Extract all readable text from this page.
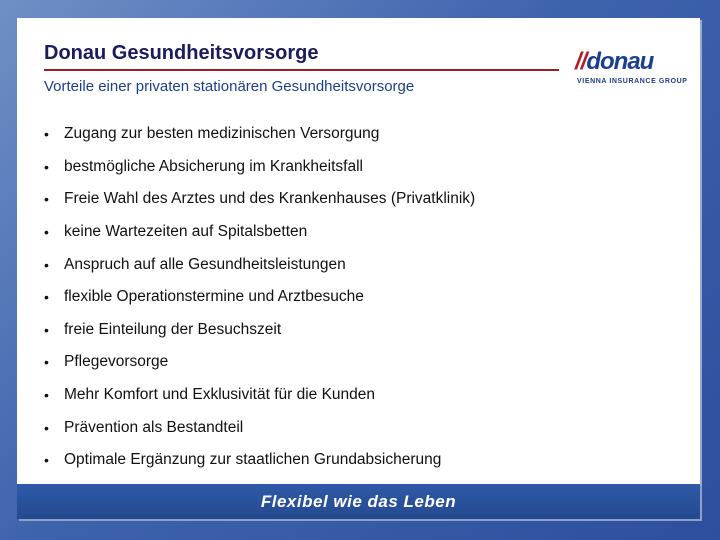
Donau Gesundheitsvorsorge
Vorteile einer privaten stationären Gesundheitsvorsorge
//donau
VIENNA INSURANCE GROUP
• Zugang zur besten medizinischen Versorgung
• bestmögliche Absicherung im Krankheitsfall
• Freie Wahl des Arztes und des Krankenhauses (Privatklinik)
• keine Wartezeiten auf Spitalsbetten
• Anspruch auf alle Gesundheitsleistungen
• flexible Operationstermine und Arztbesuche
• freie Einteilung der Besuchszeit
• Pflegevorsorge
• Mehr Komfort und Exklusivität für die Kunden
• Prävention als Bestandteil
• Optimale Ergänzung zur staatlichen Grundabsicherung
Flexibel wie das Leben
